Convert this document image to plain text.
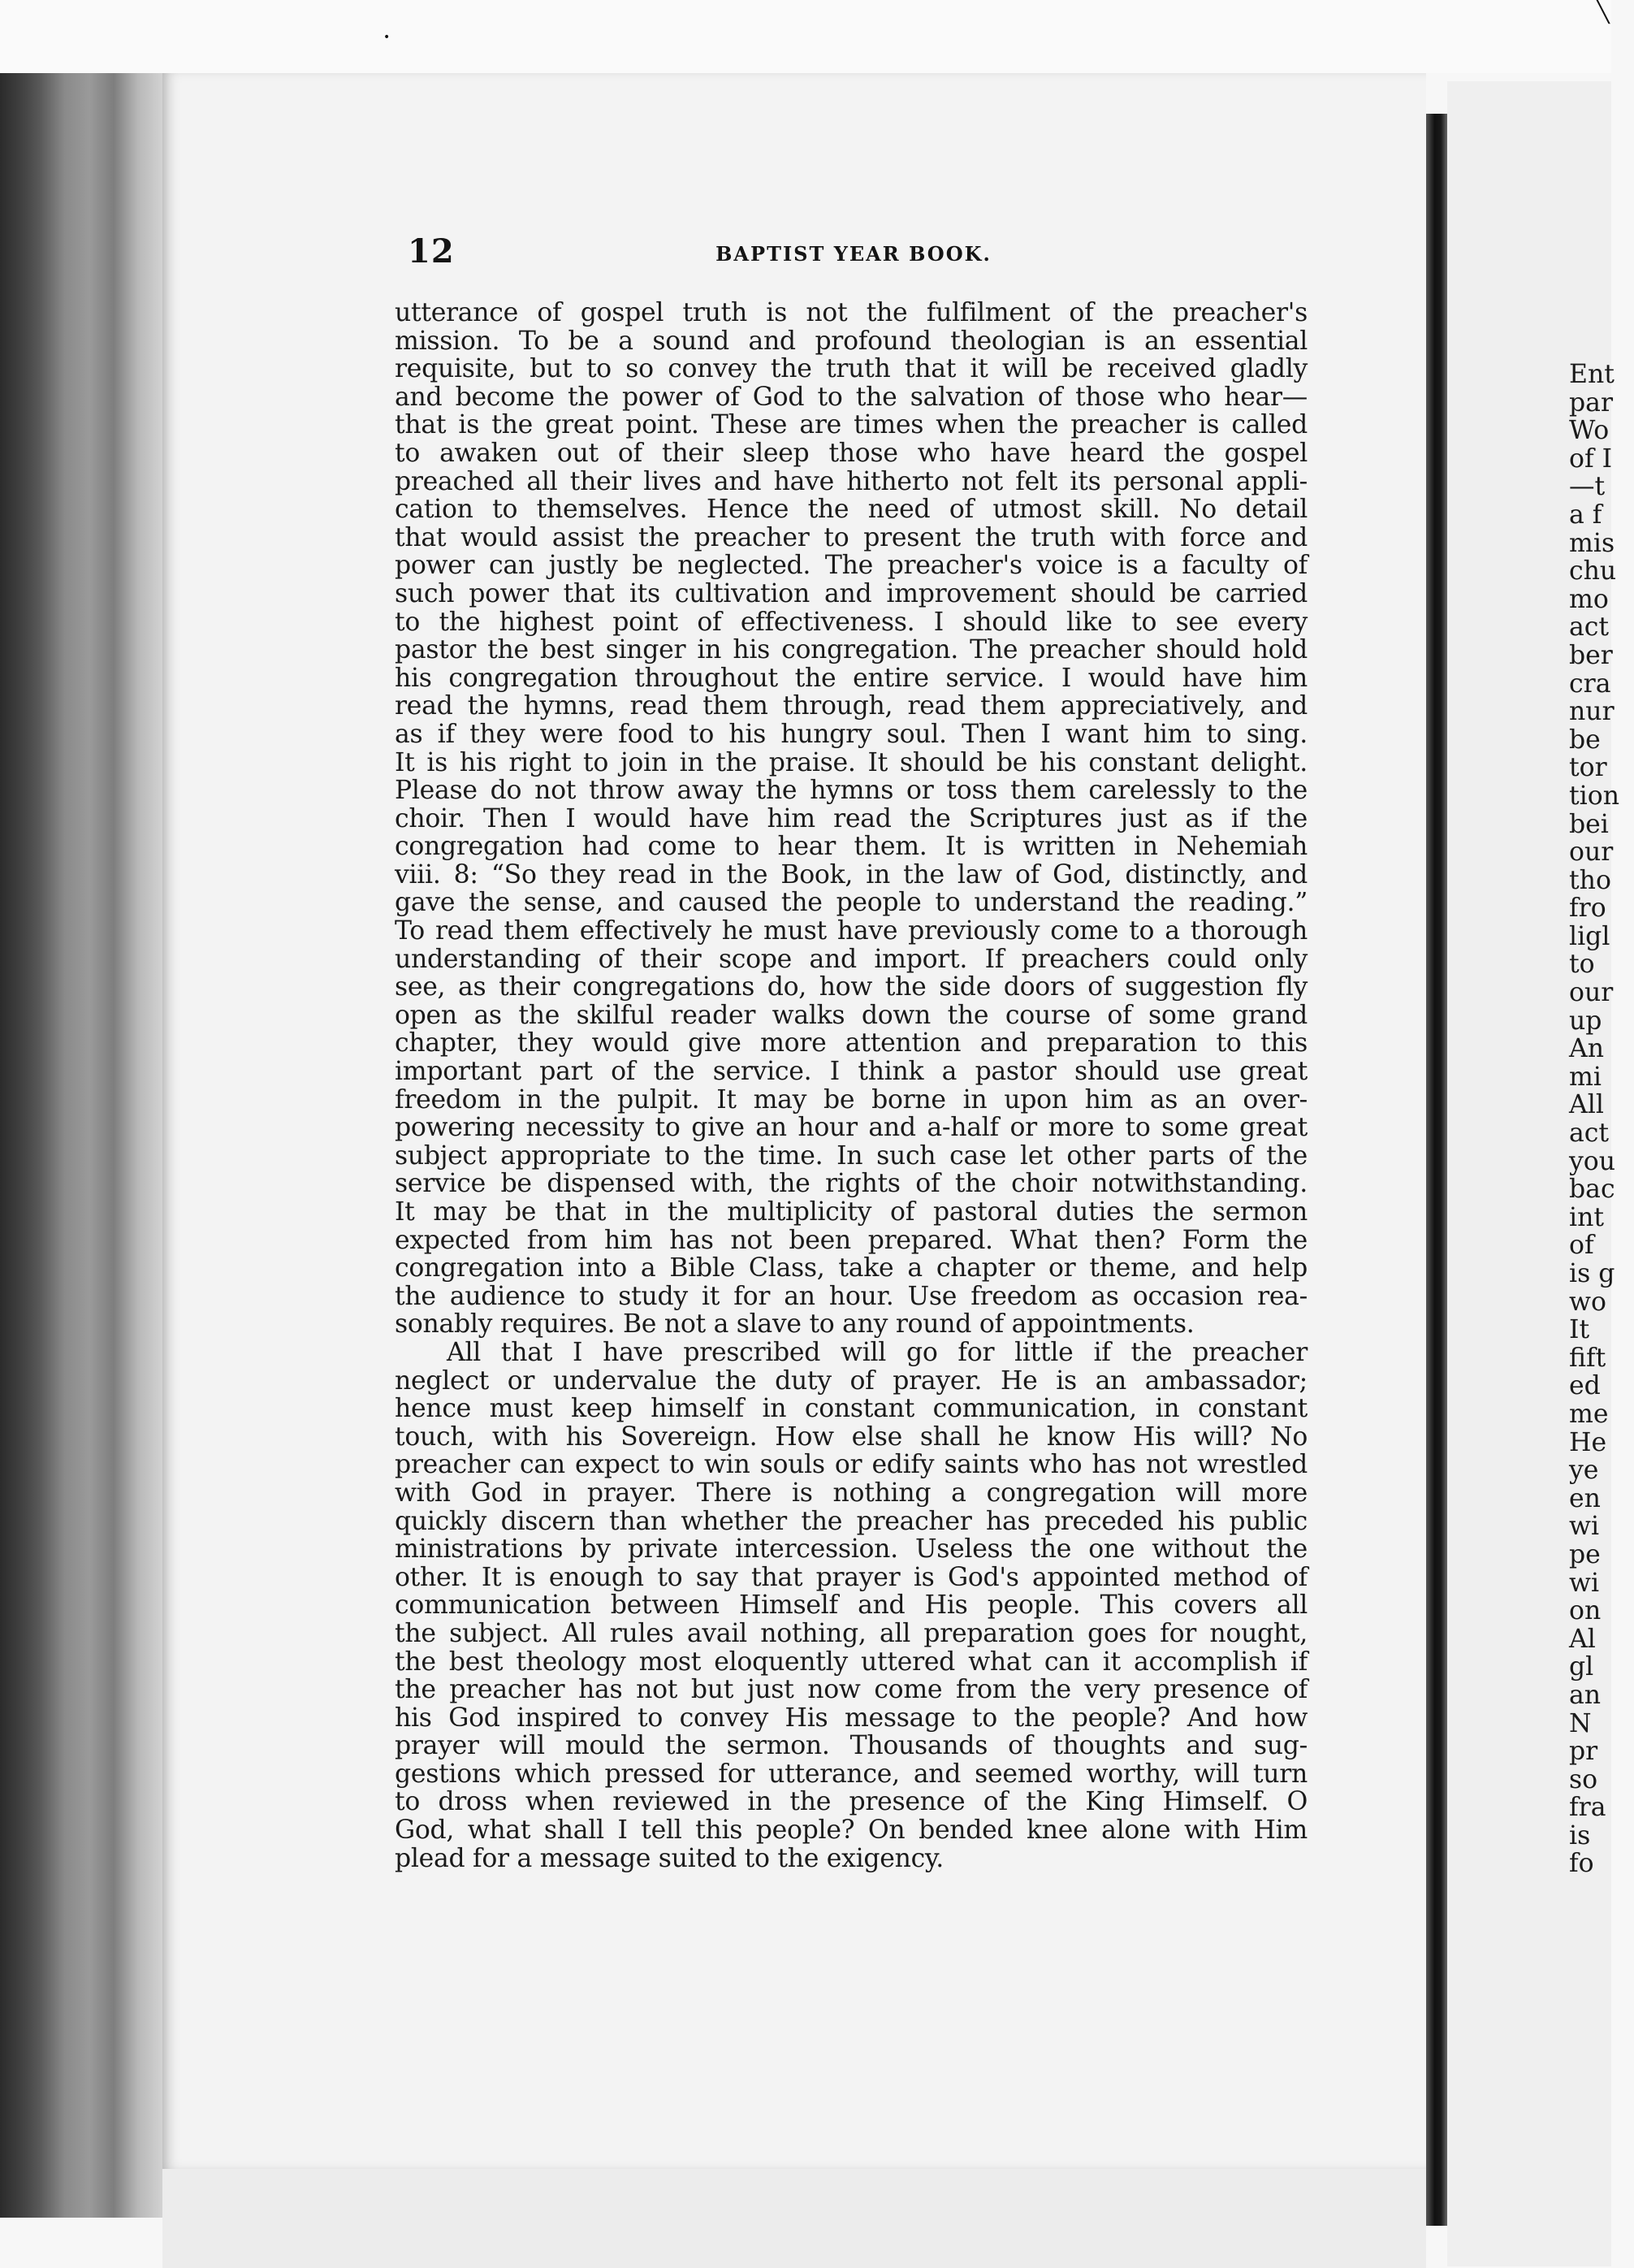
•
╲
12	BAPTIST YEAR BOOK.
utterance of gospel truth is not the fulfilment of the preacher's
mission. To be a sound and profound theologian is an essential
requisite, but to so convey the truth that it will be received gladly
and become the power of God to the salvation of those who hear—
that is the great point. These are times when the preacher is called
to awaken out of their sleep those who have heard the gospel
preached all their lives and have hitherto not felt its personal appli-
cation to themselves. Hence the need of utmost skill. No detail
that would assist the preacher to present the truth with force and
power can justly be neglected. The preacher's voice is a faculty of
such power that its cultivation and improvement should be carried
to the highest point of effectiveness. I should like to see every
pastor the best singer in his congregation. The preacher should hold
his congregation throughout the entire service. I would have him
read the hymns, read them through, read them appreciatively, and
as if they were food to his hungry soul. Then I want him to sing.
It is his right to join in the praise. It should be his constant delight.
Please do not throw away the hymns or toss them carelessly to the
choir. Then I would have him read the Scriptures just as if the
congregation had come to hear them. It is written in Nehemiah
viii. 8: “So they read in the Book, in the law of God, distinctly, and
gave the sense, and caused the people to understand the reading.”
To read them effectively he must have previously come to a thorough
understanding of their scope and import. If preachers could only
see, as their congregations do, how the side doors of suggestion fly
open as the skilful reader walks down the course of some grand
chapter, they would give more attention and preparation to this
important part of the service. I think a pastor should use great
freedom in the pulpit. It may be borne in upon him as an over-
powering necessity to give an hour and a-half or more to some great
subject appropriate to the time. In such case let other parts of the
service be dispensed with, the rights of the choir notwithstanding.
It may be that in the multiplicity of pastoral duties the sermon
expected from him has not been prepared. What then? Form the
congregation into a Bible Class, take a chapter or theme, and help
the audience to study it for an hour. Use freedom as occasion rea-
sonably requires. Be not a slave to any round of appointments.
All that I have prescribed will go for little if the preacher
neglect or undervalue the duty of prayer. He is an ambassador;
hence must keep himself in constant communication, in constant
touch, with his Sovereign. How else shall he know His will? No
preacher can expect to win souls or edify saints who has not wrestled
with God in prayer. There is nothing a congregation will more
quickly discern than whether the preacher has preceded his public
ministrations by private intercession. Useless the one without the
other. It is enough to say that prayer is God's appointed method of
communication between Himself and His people. This covers all
the subject. All rules avail nothing, all preparation goes for nought,
the best theology most eloquently uttered what can it accomplish if
the preacher has not but just now come from the very presence of
his God inspired to convey His message to the people? And how
prayer will mould the sermon. Thousands of thoughts and sug-
gestions which pressed for utterance, and seemed worthy, will turn
to dross when reviewed in the presence of the King Himself. O
God, what shall I tell this people? On bended knee alone with Him
plead for a message suited to the exigency.
Ent
par
Wo
of I
—t
a f
mis
chu
mo
act
ber
cra
nur
be
tor
tion
bei
our
tho
fro
ligl
to
our
up
An
mi
All
act
you
bac
int
of
is g
wo
It
fift
ed
me
He
ye
en
wi
pe
wi
on
Al
gl
an
N
pr
so
fra
is
fo
